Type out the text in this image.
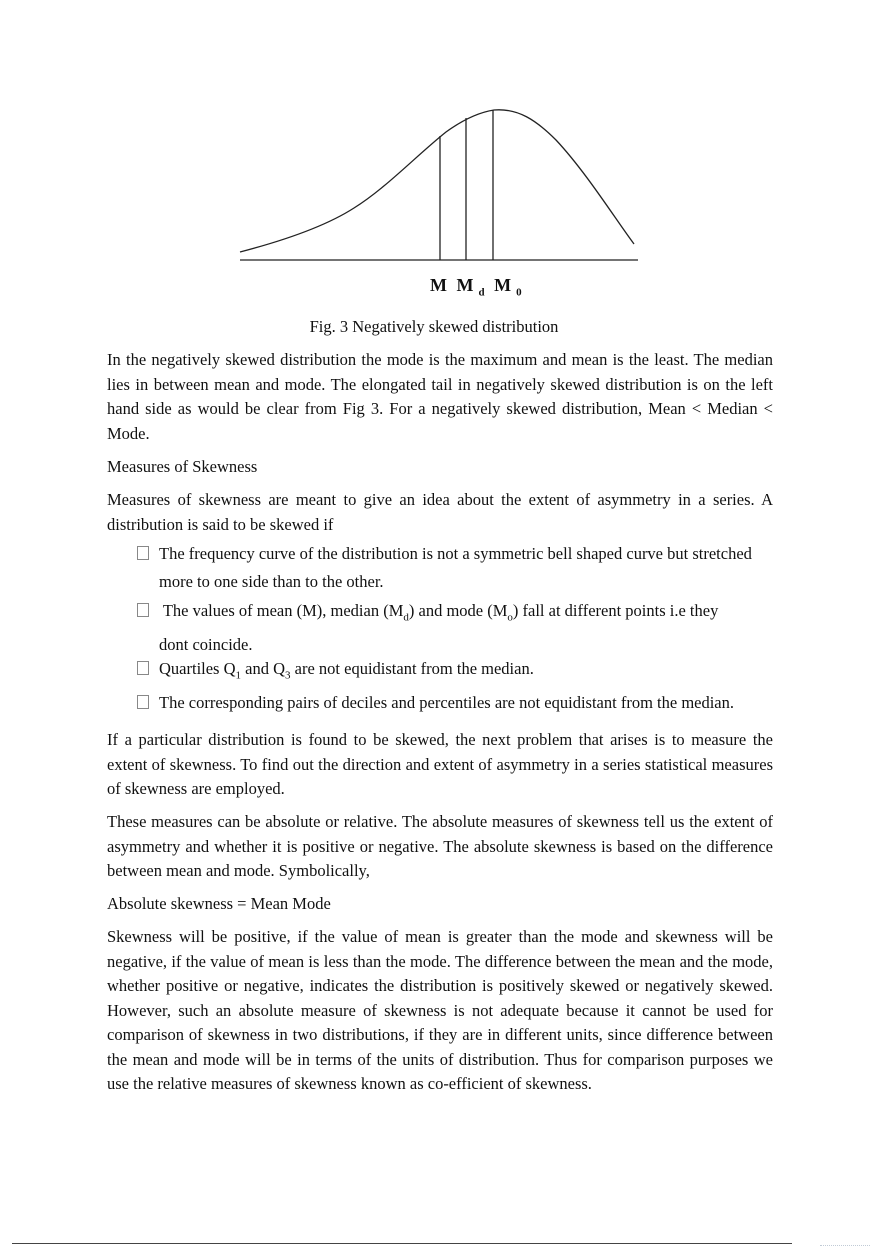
M M $_d$ M $_0$
Fig. 3 Negatively skewed distribution
In the negatively skewed distribution the mode is the maximum and mean is the least. The median lies in between mean and mode. The elongated tail in negatively skewed distribution is on the left hand side as would be clear from Fig 3. For a negatively skewed distribution, Mean < Median < Mode.
Measures of Skewness
Measures of skewness are meant to give an idea about the extent of asymmetry in a series. A distribution is said to be skewed if
The frequency curve of the distribution is not a symmetric bell shaped curve but stretched
more to one side than to the other.
The values of mean (M), median $(M_d)$ and mode $(M_o)$ fall at different points i.e they
dont coincide.
Quartiles $Q_1$ and $Q_3$ are not equidistant from the median.
The corresponding pairs of deciles and percentiles are not equidistant from the median.
If a particular distribution is found to be skewed, the next problem that arises is to measure the extent of skewness. To find out the direction and extent of asymmetry in a series statistical measures of skewness are employed.
These measures can be absolute or relative. The absolute measures of skewness tell us the extent of asymmetry and whether it is positive or negative. The absolute skewness is based on the difference between mean and mode. Symbolically,
Absolute skewness = Mean Mode
Skewness will be positive, if the value of mean is greater than the mode and skewness will be negative, if the value of mean is less than the mode. The difference between the mean and the mode, whether positive or negative, indicates the distribution is positively skewed or negatively skewed. However, such an absolute measure of skewness is not adequate because it cannot be used for comparison of skewness in two distributions, if they are in different units, since difference between the mean and mode will be in terms of the units of distribution. Thus for comparison purposes we use the relative measures of skewness known as co-efficient of skewness.
